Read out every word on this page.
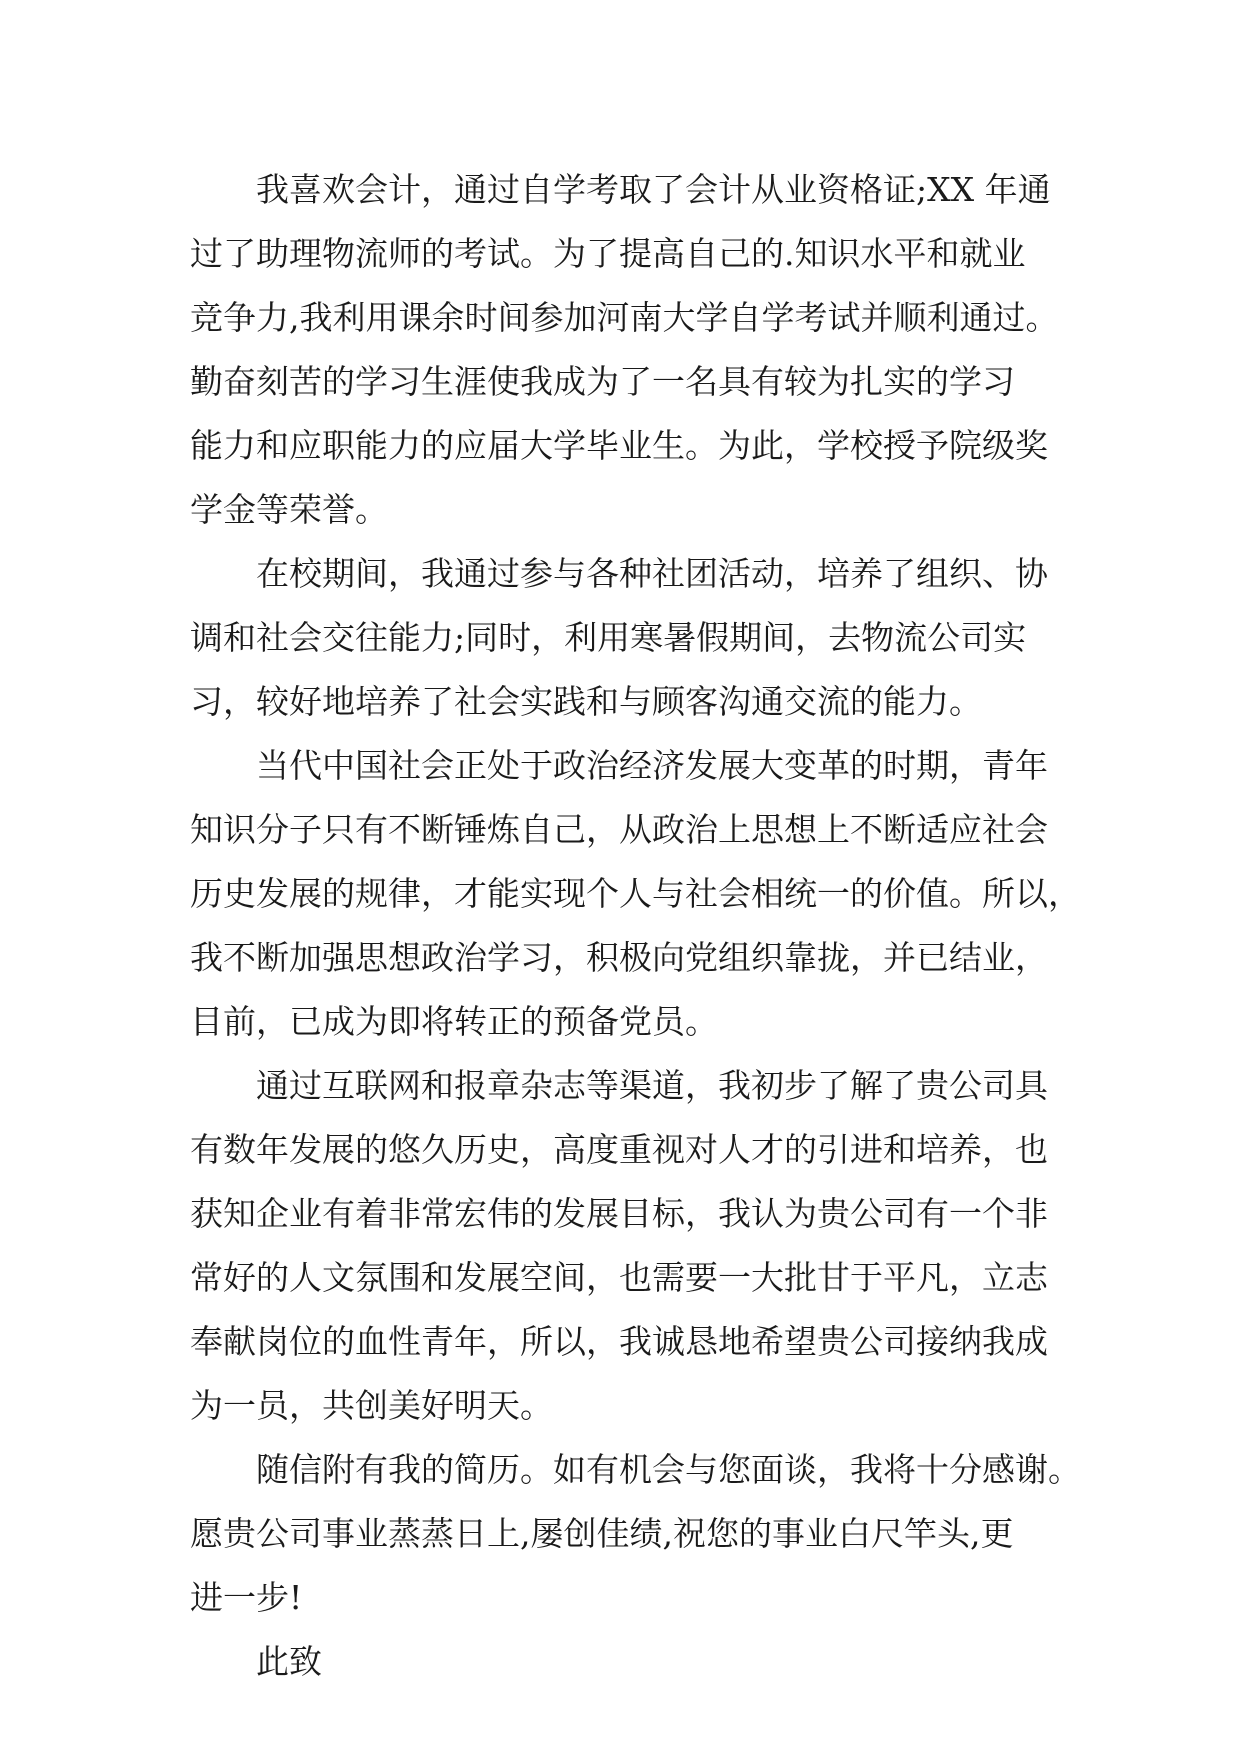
我喜欢会计，通过自学考取了会计从业资格证;XX 年通
过了助理物流师的考试。为了提高自己的.知识水平和就业
竞争力,我利用课余时间参加河南大学自学考试并顺利通过。
勤奋刻苦的学习生涯使我成为了一名具有较为扎实的学习
能力和应职能力的应届大学毕业生。为此，学校授予院级奖
学金等荣誉。
在校期间，我通过参与各种社团活动，培养了组织、协
调和社会交往能力;同时，利用寒暑假期间，去物流公司实
习，较好地培养了社会实践和与顾客沟通交流的能力。
当代中国社会正处于政治经济发展大变革的时期，青年
知识分子只有不断锤炼自己，从政治上思想上不断适应社会
历史发展的规律，才能实现个人与社会相统一的价值。所以，
我不断加强思想政治学习，积极向党组织靠拢，并已结业，
目前，已成为即将转正的预备党员。
通过互联网和报章杂志等渠道，我初步了解了贵公司具
有数年发展的悠久历史，高度重视对人才的引进和培养，也
获知企业有着非常宏伟的发展目标，我认为贵公司有一个非
常好的人文氛围和发展空间，也需要一大批甘于平凡，立志
奉献岗位的血性青年，所以，我诚恳地希望贵公司接纳我成
为一员，共创美好明天。
随信附有我的简历。如有机会与您面谈，我将十分感谢。
愿贵公司事业蒸蒸日上,屡创佳绩,祝您的事业白尺竿头,更
进一步!
此致
